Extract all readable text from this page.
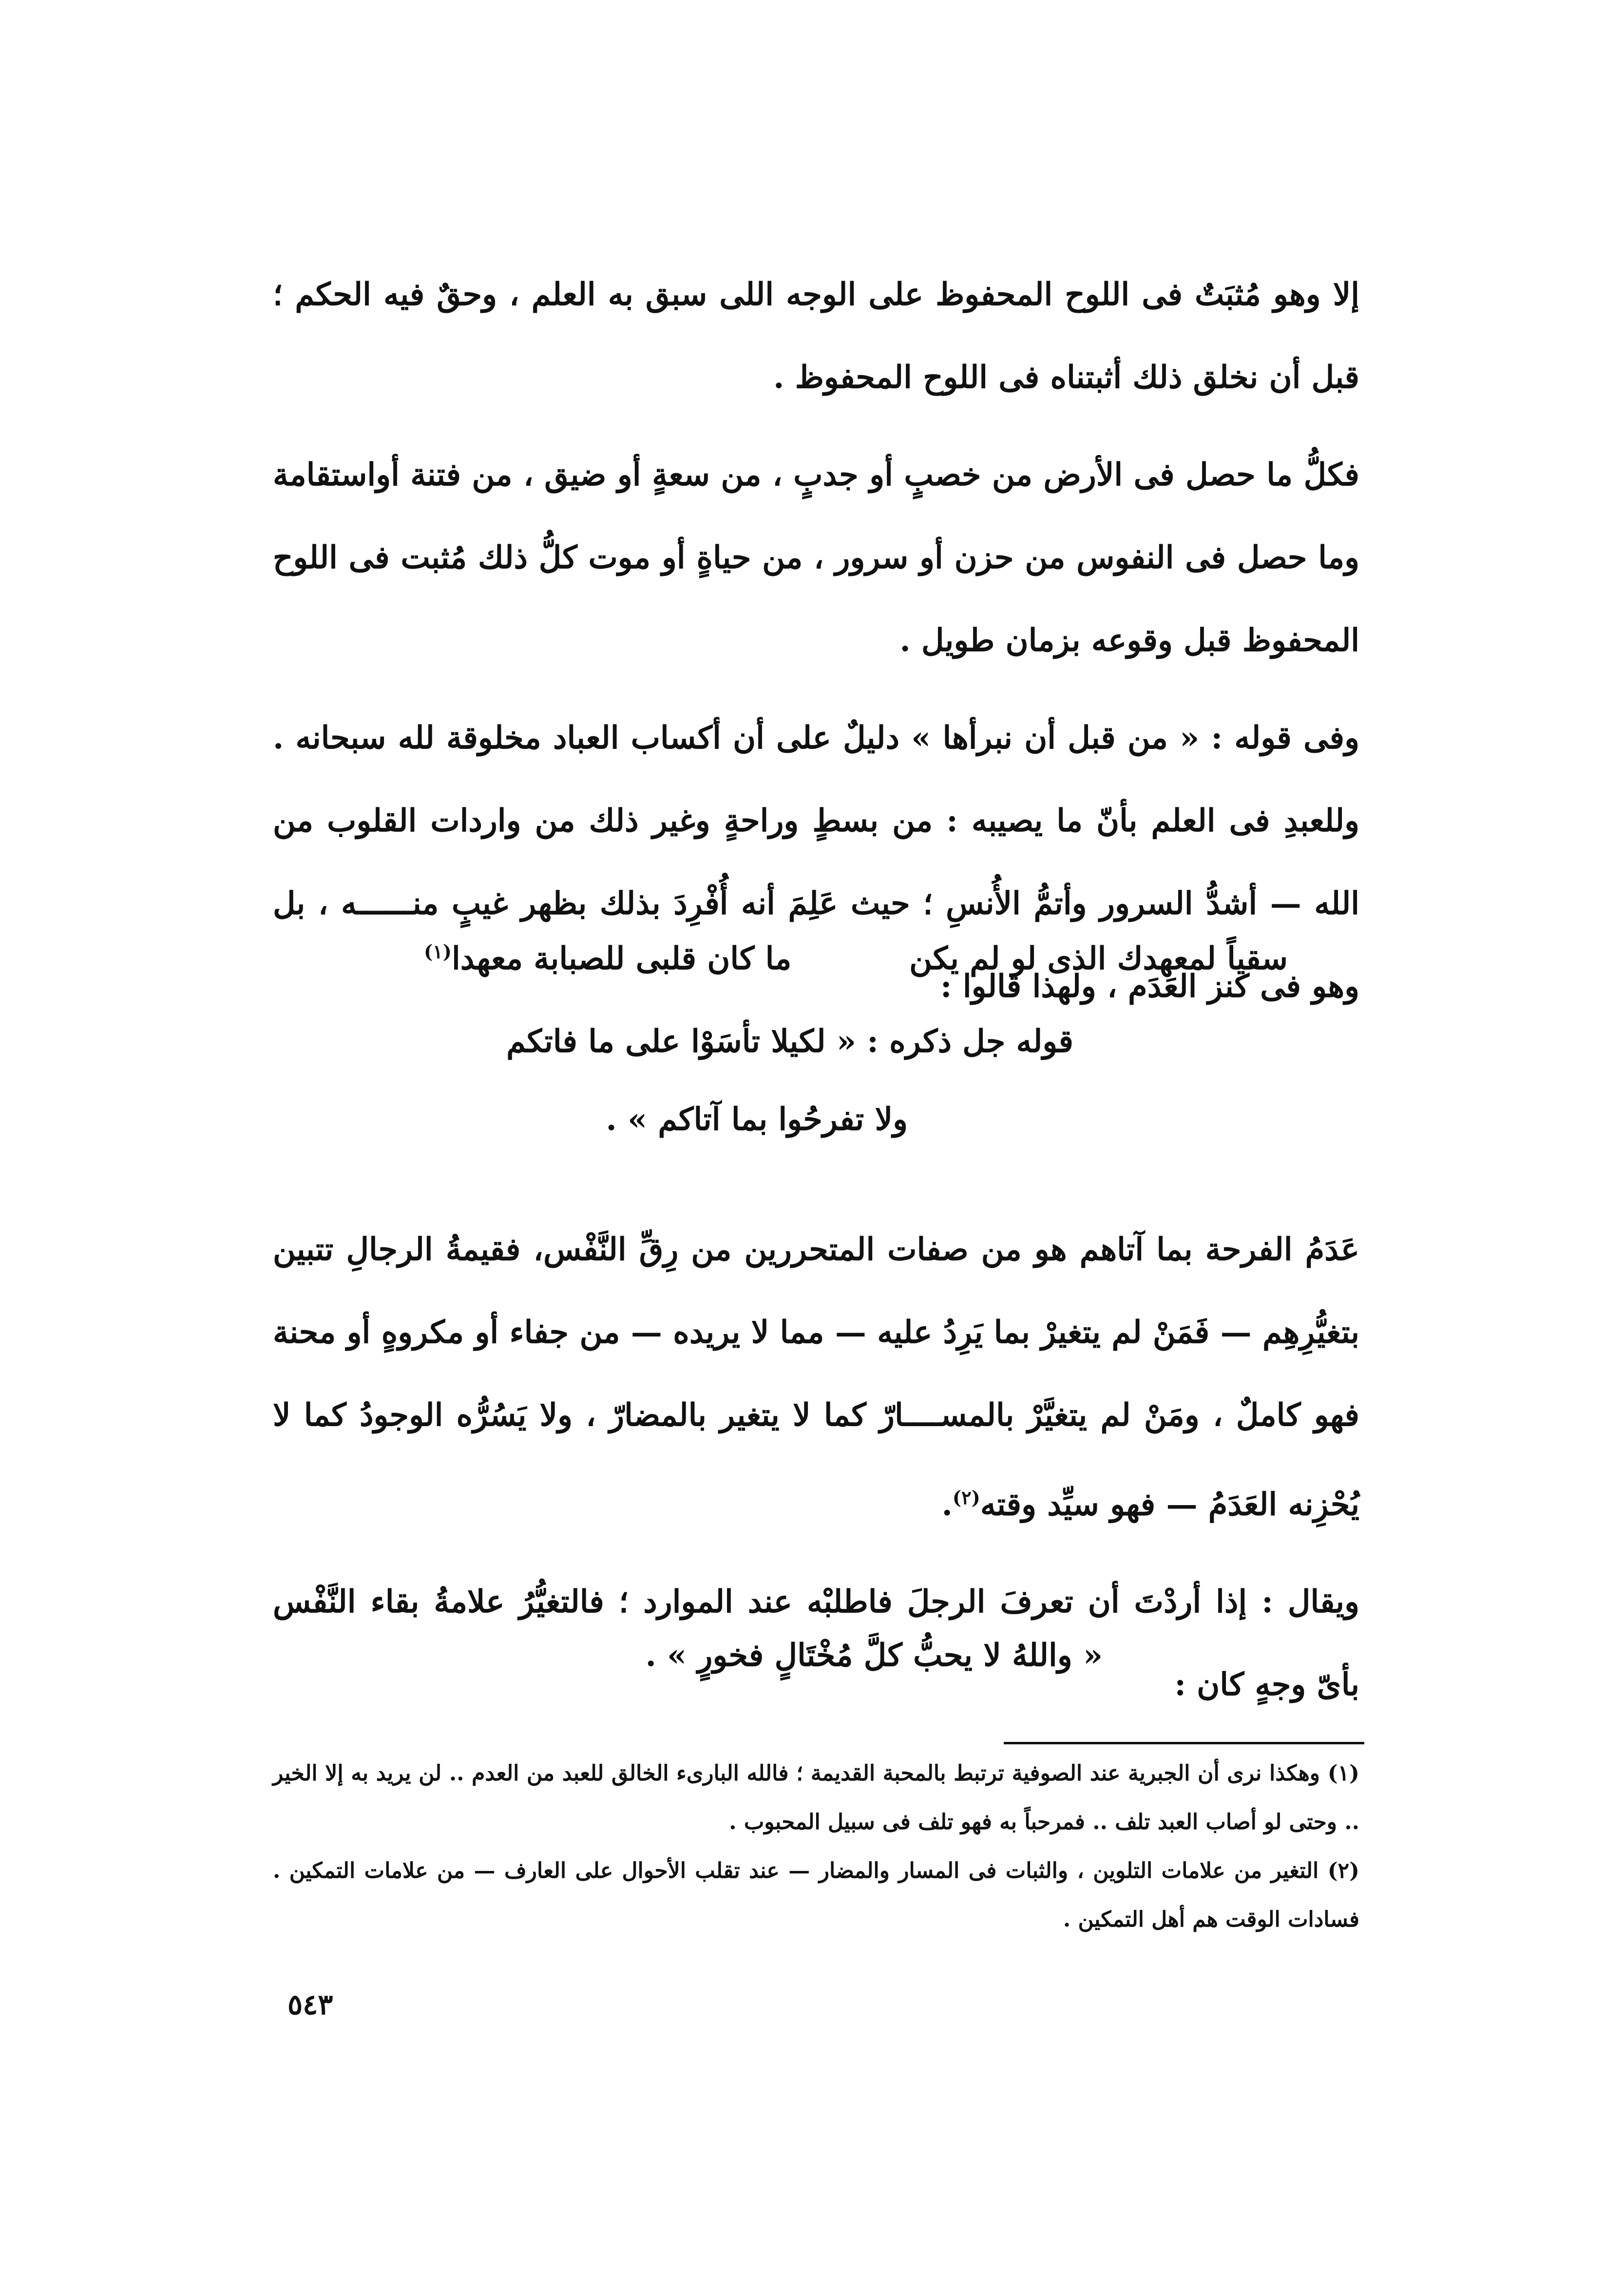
إلا وهو مُثبَتٌ فى اللوح المحفوظ على الوجه اللى سبق به العلم ، وحقٌ فيه الحكم ؛ قبل أن نخلق ذلك أثبتناه فى اللوح المحفوظ .

فكلُّ ما حصل فى الأرض من خصبٍ أو جدبٍ ، من سعةٍ أو ضيق ، من فتنة أواستقامة وما حصل فى النفوس من حزن أو سرور ، من حياةٍ أو موت كلُّ ذلك مُثبت فى اللوح المحفوظ قبل وقوعه بزمان طويل .

وفى قوله : « من قبل أن نبرأها » دليلٌ على أن أكساب العباد مخلوقة لله سبحانه . وللعبدِ فى العلم بأنّ ما يصيبه : من بسطٍ وراحةٍ وغير ذلك من واردات القلوب من الله — أشدُّ السرور وأتمُّ الأُنسِ ؛ حيث عَلِمَ أنه أُفْرِدَ بذلك بظهر غيبٍ منــــــه ، بل وهو فى كنز العَدَم ، ولهذا قالوا :

سقياً لمعهدك الذى لو لم يكن
ما كان قلبى للصبابة معهدا$^{(١)}$
قوله جل ذكره : « لكيلا تأسَوْا على ما فاتكم
ولا تفرحُوا بما آتاكم » .

عَدَمُ الفرحة بما آتاهم هو من صفات المتحررين من رِقِّ النَّفْس، فقيمةُ الرجالِ تتبين بتغيُّرِهِم — فَمَنْ لم يتغيرْ بما يَرِدُ عليه — مما لا يريده — من جفاء أو مكروهٍ أو محنة فهو كاملٌ ، ومَنْ لم يتغيَّرْ بالمســــارّ كما لا يتغير بالمضارّ ، ولا يَسُرُّه الوجودُ كما لا يُحْزِنه العَدَمُ — فهو سيِّد وقته$^{(٢)}$.

ويقال : إذا أردْتَ أن تعرفَ الرجلَ فاطلبْه عند الموارد ؛ فالتغيُّرُ علامةُ بقاء النَّفْس بأىّ وجهٍ كان :

« واللهُ لا يحبُّ كلَّ مُخْتَالٍ فخورٍ » .

(١) وهكذا نرى أن الجبرية عند الصوفية ترتبط بالمحبة القديمة ؛ فالله البارىء الخالق للعبد من العدم .. لن يريد به إلا الخير .. وحتى لو أصاب العبد تلف .. فمرحباً به فهو تلف فى سبيل المحبوب .

(٢) التغير من علامات التلوين ، والثبات فى المسار والمضار — عند تقلب الأحوال على العارف — من علامات التمكين . فسادات الوقت هم أهل التمكين .

٥٤٣
